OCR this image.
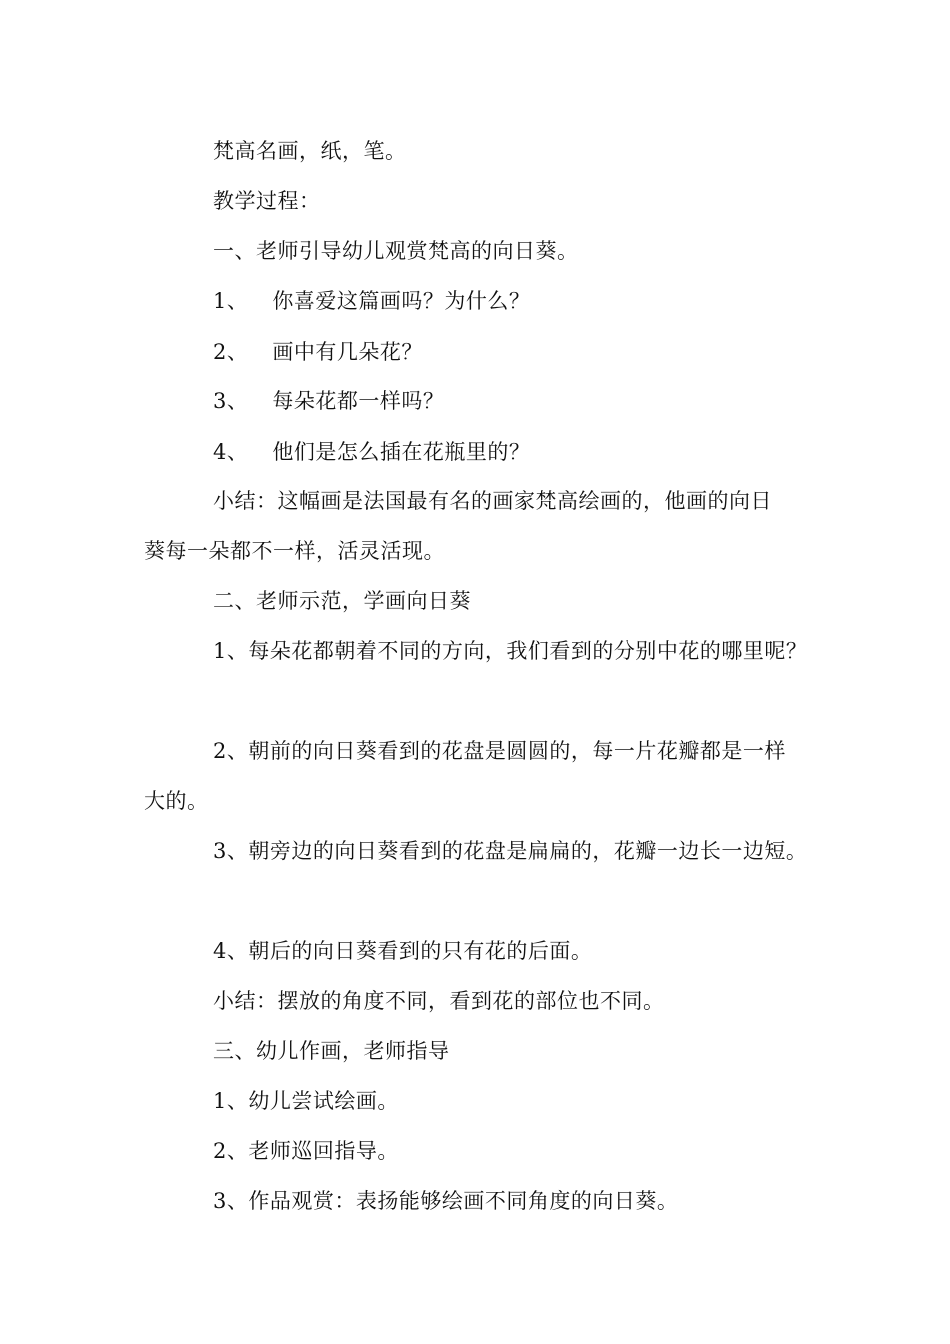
梵高名画，纸，笔。
教学过程：
一、老师引导幼儿观赏梵高的向日葵。
1、 你喜爱这篇画吗？为什么？
2、 画中有几朵花？
3、 每朵花都一样吗？
4、 他们是怎么插在花瓶里的？
小结：这幅画是法国最有名的画家梵高绘画的，他画的向日
葵每一朵都不一样，活灵活现。
二、老师示范，学画向日葵
1、每朵花都朝着不同的方向，我们看到的分别中花的哪里呢？
2、朝前的向日葵看到的花盘是圆圆的，每一片花瓣都是一样
大的。
3、朝旁边的向日葵看到的花盘是扁扁的，花瓣一边长一边短。
4、朝后的向日葵看到的只有花的后面。
小结：摆放的角度不同，看到花的部位也不同。
三、幼儿作画，老师指导
1、幼儿尝试绘画。
2、老师巡回指导。
3、作品观赏：表扬能够绘画不同角度的向日葵。
